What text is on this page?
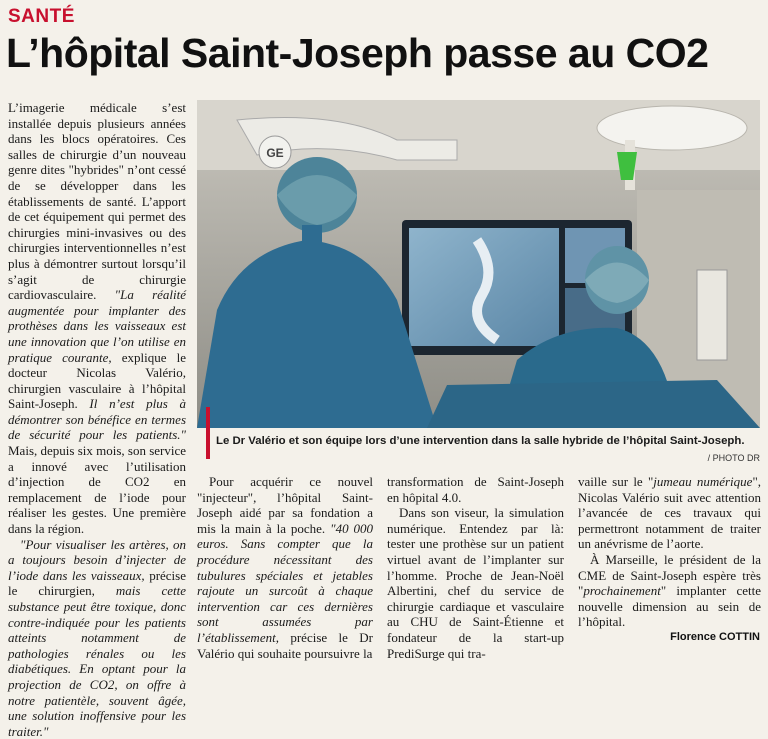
SANTÉ
L’hôpital Saint-Joseph passe au CO2

L’imagerie médicale s’est installée depuis plusieurs années dans les blocs opératoires. Ces salles de chirurgie d’un nouveau genre dites "hybrides" n’ont cessé de se développer dans les établissements de santé. L’apport de cet équipement qui permet des chirurgies mini-invasives ou des chirurgies interventionnelles n’est plus à démontrer surtout lorsqu’il s’agit de chirurgie cardiovasculaire. "La réalité augmentée pour implanter des prothèses dans les vaisseaux est une innovation que l’on utilise en pratique courante, explique le docteur Nicolas Valério, chirurgien vasculaire à l’hôpital Saint-Joseph. Il n’est plus à démontrer son bénéfice en termes de sécurité pour les patients." Mais, depuis six mois, son service a innové avec l’utilisation d’injection de CO2 en remplacement de l’iode pour réaliser les gestes. Une première dans la région.

"Pour visualiser les artères, on a toujours besoin d’injecter de l’iode dans les vaisseaux, précise le chirurgien, mais cette substance peut être toxique, donc contre-indiquée pour les patients atteints notamment de pathologies rénales ou les diabétiques. En optant pour la projection de CO2, on offre à notre patientèle, souvent âgée, une solution inoffensive pour les traiter."

GE
Le Dr Valério et son équipe lors d’une intervention dans la salle hybride de l’hôpital Saint-Joseph.
/ PHOTO DR

Pour acquérir ce nouvel "injecteur", l’hôpital Saint-Joseph aidé par sa fondation a mis la main à la poche. "40 000 euros. Sans compter que la procédure nécessitant des tubulures spéciales et jetables rajoute un surcoût à chaque intervention car ces dernières sont assumées par l’établissement, précise le Dr Valério qui souhaite poursuivre la

transformation de Saint-Joseph en hôpital 4.0.

Dans son viseur, la simulation numérique. Entendez par là: tester une prothèse sur un patient virtuel avant de l’implanter sur l’homme. Proche de Jean-Noël Albertini, chef du service de chirurgie cardiaque et vasculaire au CHU de Saint-Étienne et fondateur de la start-up PrediSurge qui tra-

vaille sur le "jumeau numérique", Nicolas Valério suit avec attention l’avancée de ces travaux qui permettront notamment de traiter un anévrisme de l’aorte.

À Marseille, le président de la CME de Saint-Joseph espère très "prochainement" implanter cette nouvelle dimension au sein de l’hôpital.

Florence COTTIN
